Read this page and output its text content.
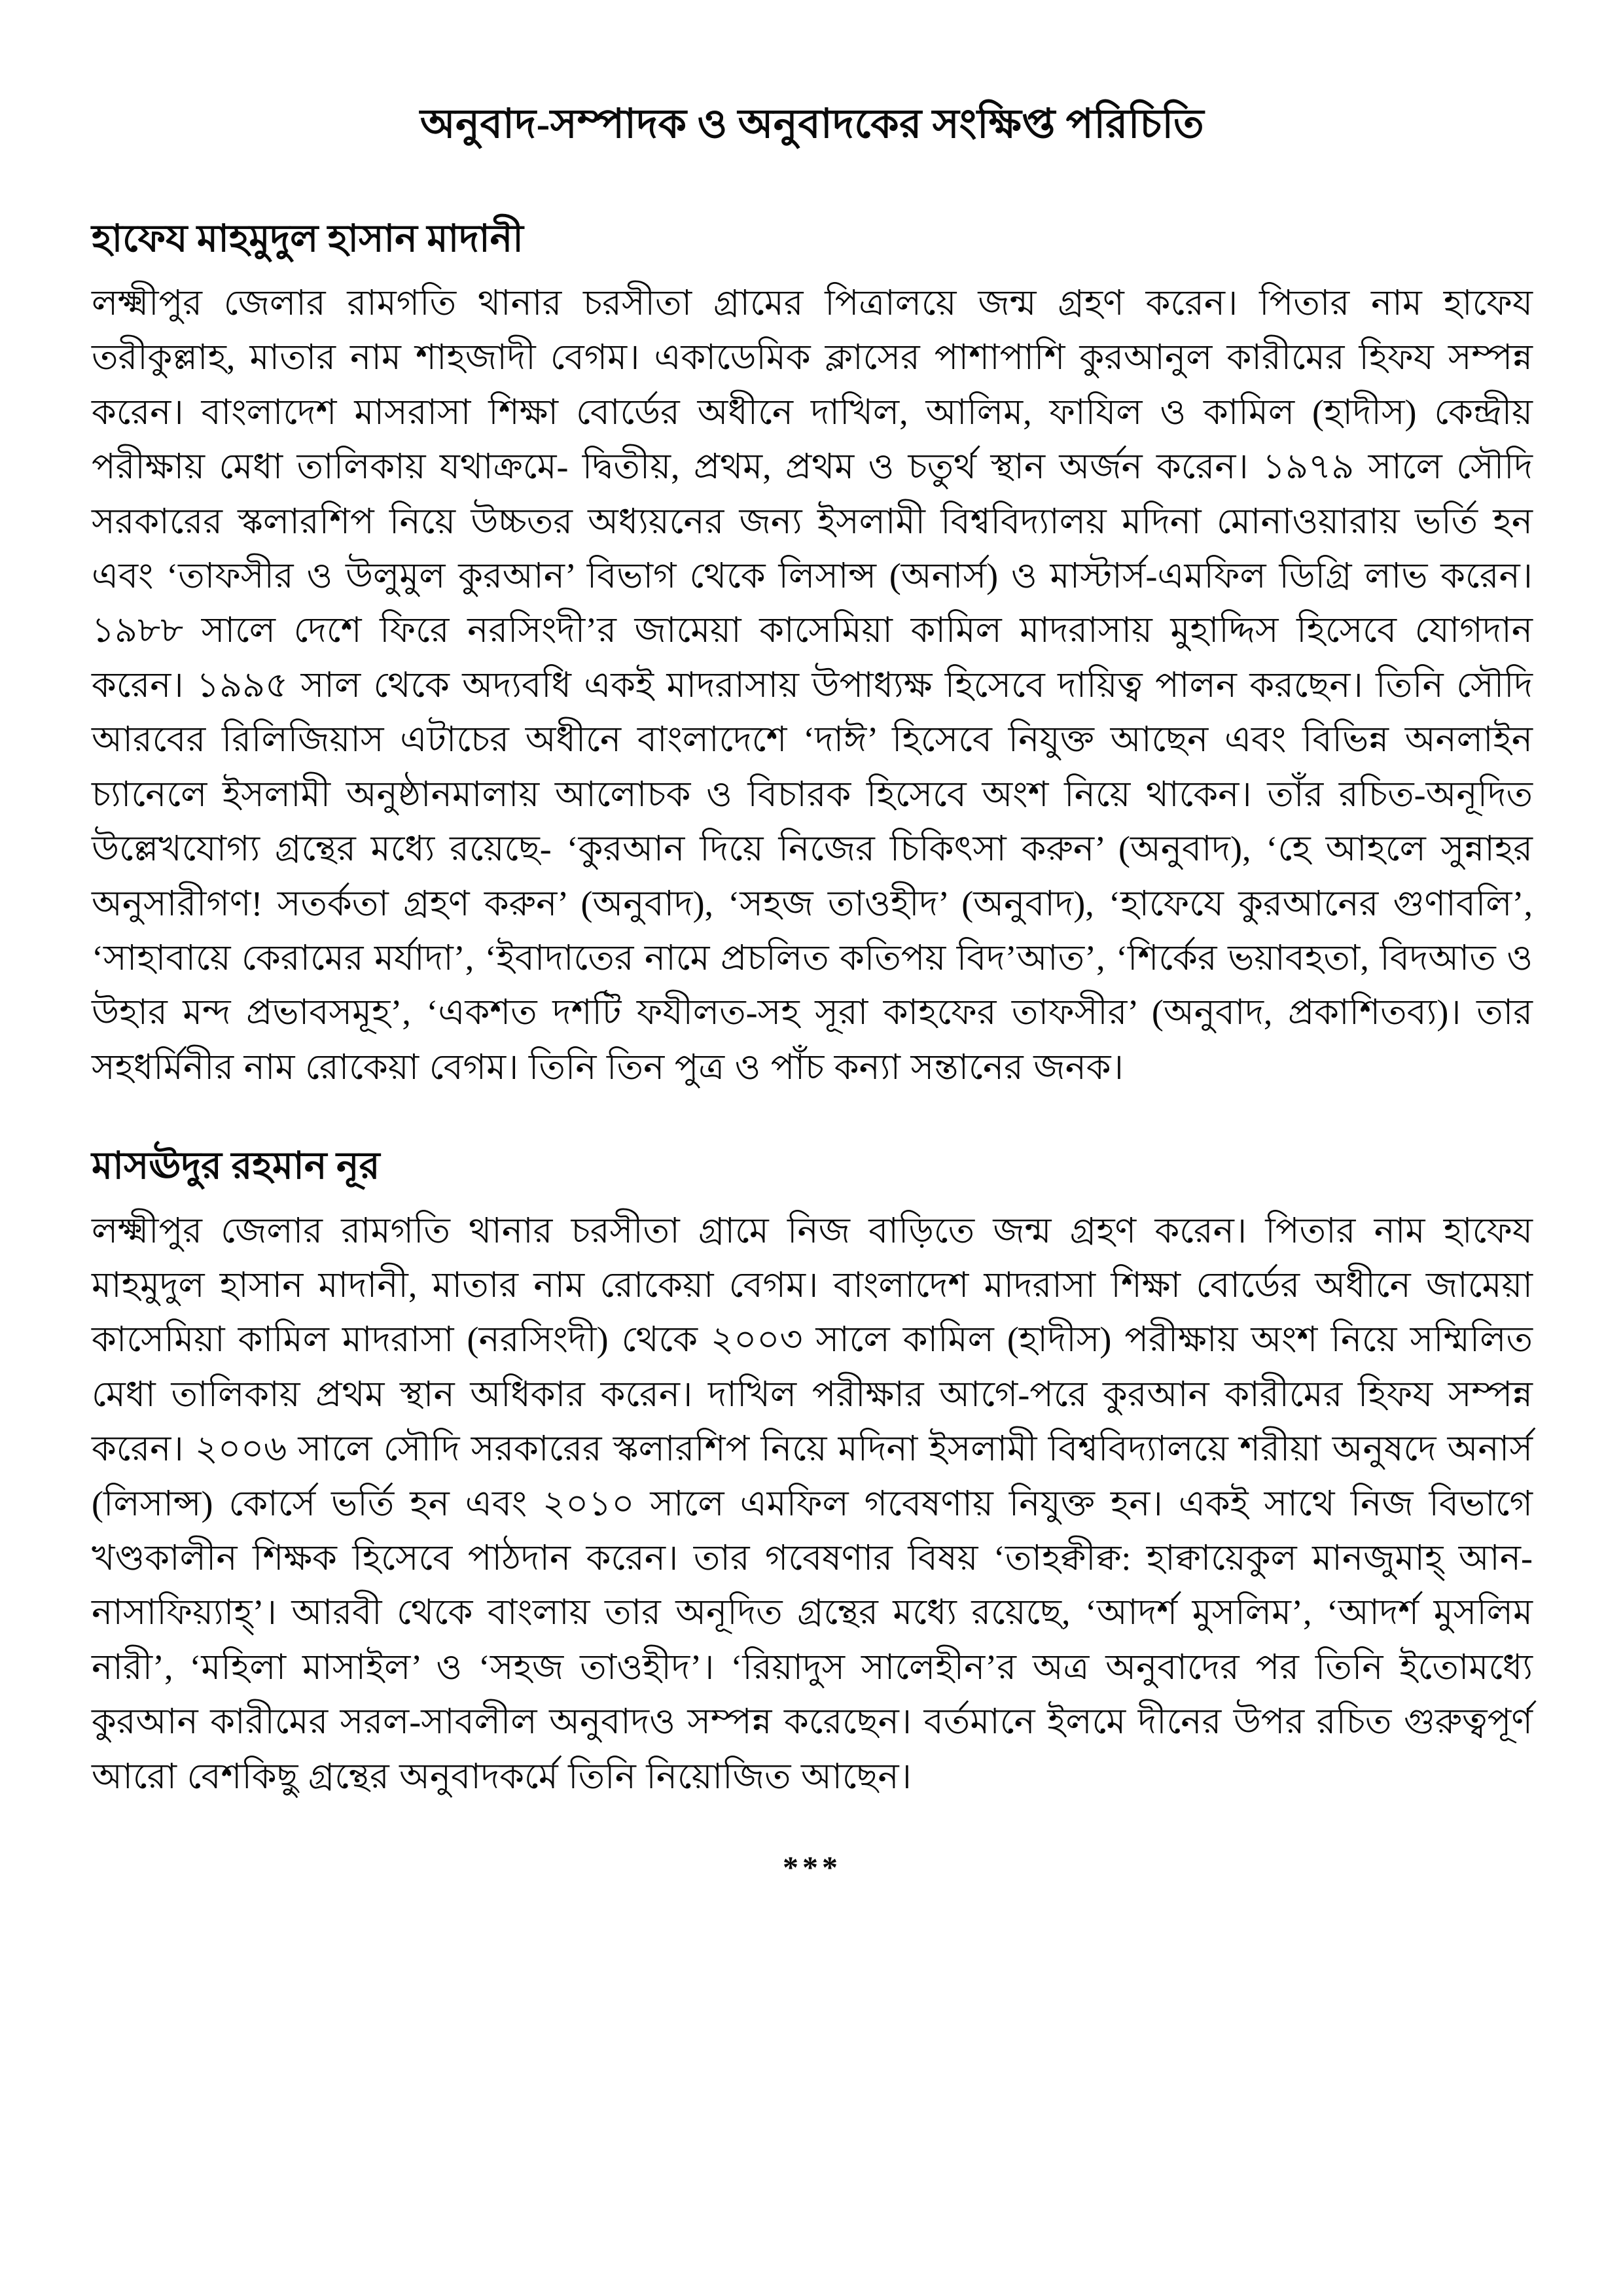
অনুবাদ-সম্পাদক ও অনুবাদকের সংক্ষিপ্ত পরিচিতি
হাফেয মাহমুদুল হাসান মাদানী

লক্ষ্মীপুর জেলার রামগতি থানার চরসীতা গ্রামের পিত্রালয়ে জন্ম গ্রহণ করেন। পিতার নাম হাফেয তরীকুল্লাহ, মাতার নাম শাহজাদী বেগম। একাডেমিক ক্লাসের পাশাপাশি কুরআনুল কারীমের হিফয সম্পন্ন করেন। বাংলাদেশ মাসরাসা শিক্ষা বোর্ডের অধীনে দাখিল, আলিম, ফাযিল ও কামিল (হাদীস) কেন্দ্রীয় পরীক্ষায় মেধা তালিকায় যথাক্রমে- দ্বিতীয়, প্রথম, প্রথম ও চতুর্থ স্থান অর্জন করেন। ১৯৭৯ সালে সৌদি সরকারের স্কলারশিপ নিয়ে উচ্চতর অধ্যয়নের জন্য ইসলামী বিশ্ববিদ্যালয় মদিনা মোনাওয়ারায় ভর্তি হন এবং ‘তাফসীর ও উলুমুল কুরআন’ বিভাগ থেকে লিসান্স (অনার্স) ও মাস্টার্স-এমফিল ডিগ্রি লাভ করেন। ১৯৮৮ সালে দেশে ফিরে নরসিংদী’র জামেয়া কাসেমিয়া কামিল মাদরাসায় মুহাদ্দিস হিসেবে যোগদান করেন। ১৯৯৫ সাল থেকে অদ্যবধি একই মাদরাসায় উপাধ্যক্ষ হিসেবে দায়িত্ব পালন করছেন। তিনি সৌদি আরবের রিলিজিয়াস এটাচের অধীনে বাংলাদেশে ‘দাঈ’ হিসেবে নিযুক্ত আছেন এবং বিভিন্ন অনলাইন চ্যানেলে ইসলামী অনুষ্ঠানমালায় আলোচক ও বিচারক হিসেবে অংশ নিয়ে থাকেন। তাঁর রচিত-অনূদিত উল্লেখযোগ্য গ্রন্থের মধ্যে রয়েছে- ‘কুরআন দিয়ে নিজের চিকিৎসা করুন’ (অনুবাদ), ‘হে আহলে সুন্নাহর অনুসারীগণ! সতর্কতা গ্রহণ করুন’ (অনুবাদ), ‘সহজ তাওহীদ’ (অনুবাদ), ‘হাফেযে কুরআনের গুণাবলি’, ‘সাহাবায়ে কেরামের মর্যাদা’, ‘ইবাদাতের নামে প্রচলিত কতিপয় বিদ’আত’, ‘শির্কের ভয়াবহতা, বিদআত ও উহার মন্দ প্রভাবসমূহ’, ‘একশত দশটি ফযীলত-সহ সূরা কাহফের তাফসীর’ (অনুবাদ, প্রকাশিতব্য)। তার সহধর্মিনীর নাম রোকেয়া বেগম। তিনি তিন পুত্র ও পাঁচ কন্যা সন্তানের জনক।

মাসঊদুর রহমান নূর

লক্ষ্মীপুর জেলার রামগতি থানার চরসীতা গ্রামে নিজ বাড়িতে জন্ম গ্রহণ করেন। পিতার নাম হাফেয মাহমুদুল হাসান মাদানী, মাতার নাম রোকেয়া বেগম। বাংলাদেশ মাদরাসা শিক্ষা বোর্ডের অধীনে জামেয়া কাসেমিয়া কামিল মাদরাসা (নরসিংদী) থেকে ২০০৩ সালে কামিল (হাদীস) পরীক্ষায় অংশ নিয়ে সম্মিলিত মেধা তালিকায় প্রথম স্থান অধিকার করেন। দাখিল পরীক্ষার আগে-পরে কুরআন কারীমের হিফয সম্পন্ন করেন। ২০০৬ সালে সৌদি সরকারের স্কলারশিপ নিয়ে মদিনা ইসলামী বিশ্ববিদ্যালয়ে শরীয়া অনুষদে অনার্স (লিসান্স) কোর্সে ভর্তি হন এবং ২০১০ সালে এমফিল গবেষণায় নিযুক্ত হন। একই সাথে নিজ বিভাগে খণ্ডকালীন শিক্ষক হিসেবে পাঠদান করেন। তার গবেষণার বিষয় ‘তাহক্বীক্ব: হাক্বায়েকুল মানজুমাহ্ আন-নাসাফিয়্যাহ্’। আরবী থেকে বাংলায় তার অনূদিত গ্রন্থের মধ্যে রয়েছে, ‘আদর্শ মুসলিম’, ‘আদর্শ মুসলিম নারী’, ‘মহিলা মাসাইল’ ও ‘সহজ তাওহীদ’। ‘রিয়াদুস সালেহীন’র অত্র অনুবাদের পর তিনি ইতোমধ্যে কুরআন কারীমের সরল-সাবলীল অনুবাদও সম্পন্ন করেছেন। বর্তমানে ইলমে দীনের উপর রচিত গুরুত্বপূর্ণ আরো বেশকিছু গ্রন্থের অনুবাদকর্মে তিনি নিয়োজিত আছেন।

***
